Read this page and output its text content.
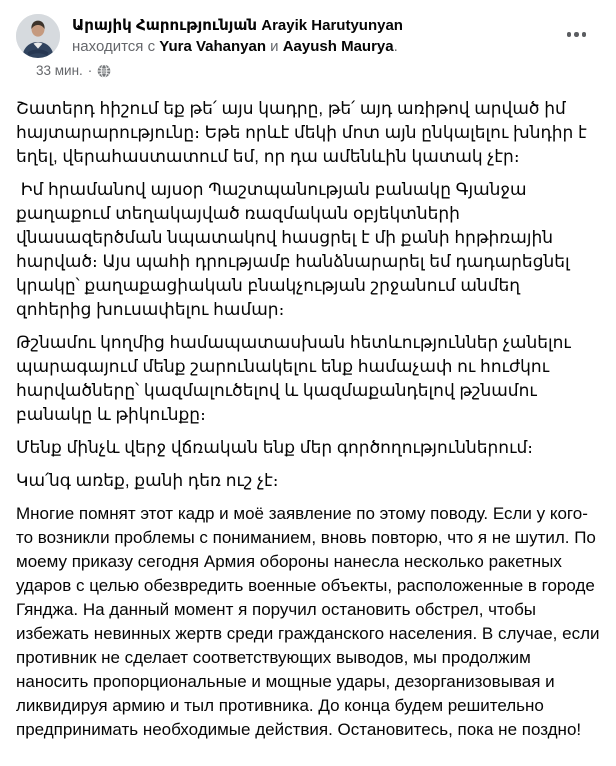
Արայիկ Հարությունյան Arayik Harutyunyan
находится с Yura Vahanyan и Aayush Maurya.
33 мин. ·

Շատերդ հիշում եք թե՛ այս կադրը, թե՛ այդ առիթով արված իմ հայտարարությունը։ Եթե որևէ մեկի մոտ այն ընկալելու խնդիր է եղել, վերահաստատում եմ, որ դա ամենևին կատակ չէր։

Իմ հրամանով այսօր Պաշտպանության բանակը Գյանջա քաղաքում տեղակայված ռազմական օբյեկտների վնասազերծման նպատակով հասցրել է մի քանի հրթիռային հարված։ Այս պահի դրությամբ հանձնարարել եմ դադարեցնել կրակը՝ քաղաքացիական բնակչության շրջանում անմեղ զոհերից խուսափելու համար։

Թշնամու կողմից համապատասխան հետևություններ չանելու պարագայում մենք շարունակելու ենք համաչափ ու հուժկու հարվածները՝ կազմալուծելով և կազմաքանդելով թշնամու բանակը և թիկունքը։

Մենք մինչև վերջ վճռական ենք մեր գործողություններում։

Կա՛նգ առեք, քանի դեռ ուշ չէ։

Многие помнят этот кадр и моё заявление по этому поводу. Если у кого-то возникли проблемы с пониманием, вновь повторю, что я не шутил. По моему приказу сегодня Армия обороны нанесла несколько ракетных ударов с целью обезвредить военные объекты, расположенные в городе Гянджа. На данный момент я поручил остановить обстрел, чтобы избежать невинных жертв среди гражданского населения. В случае, если противник не сделает соответствующих выводов, мы продолжим наносить пропорциональные и мощные удары, дезорганизовывая и ликвидируя армию и тыл противника. До конца будем решительно предпринимать необходимые действия. Остановитесь, пока не поздно!
